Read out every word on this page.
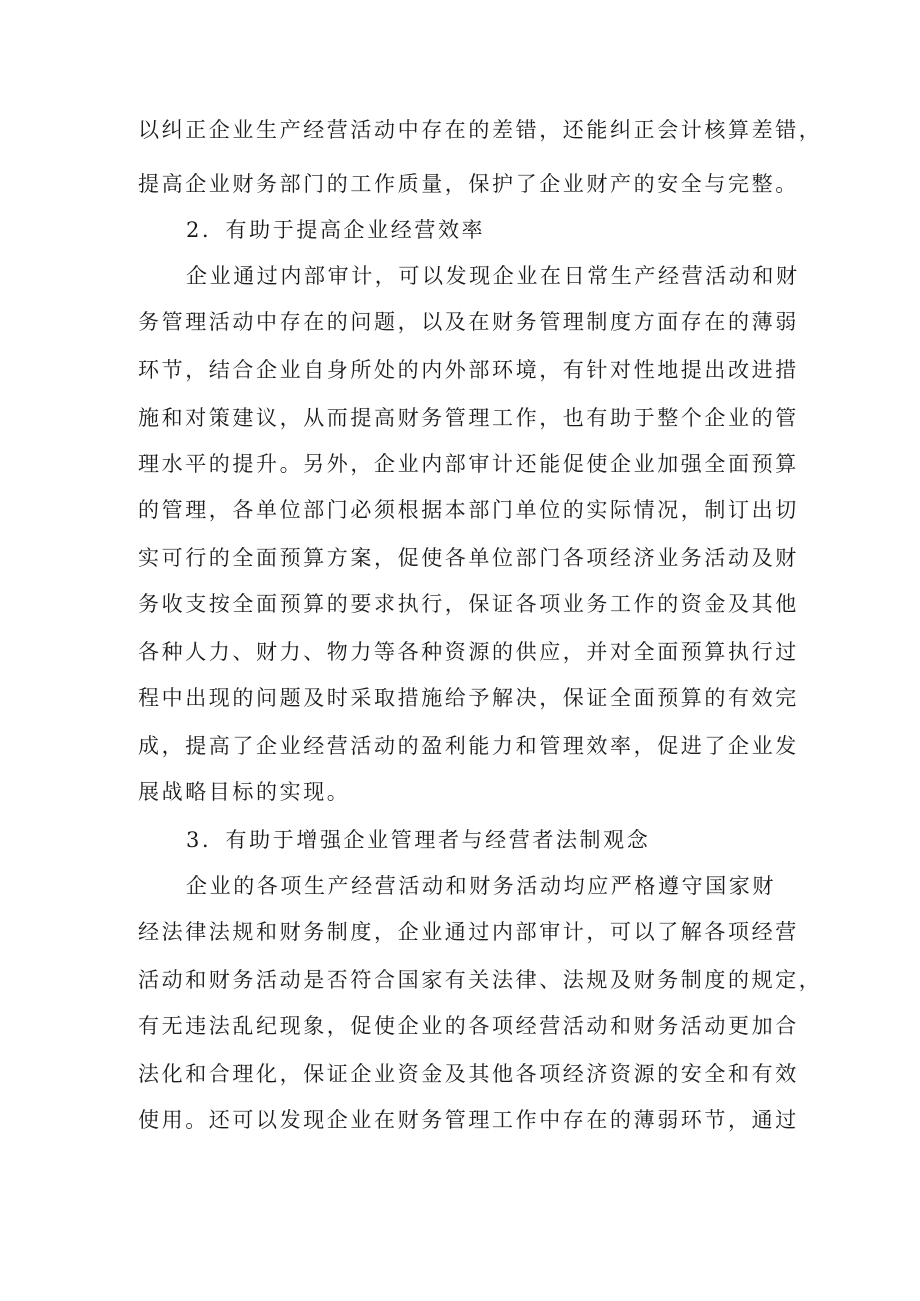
以纠正企业生产经营活动中存在的差错，还能纠正会计核算差错，
提高企业财务部门的工作质量，保护了企业财产的安全与完整。
2．有助于提高企业经营效率
企业通过内部审计，可以发现企业在日常生产经营活动和财
务管理活动中存在的问题，以及在财务管理制度方面存在的薄弱
环节，结合企业自身所处的内外部环境，有针对性地提出改进措
施和对策建议，从而提高财务管理工作，也有助于整个企业的管
理水平的提升。另外，企业内部审计还能促使企业加强全面预算
的管理，各单位部门必须根据本部门单位的实际情况，制订出切
实可行的全面预算方案，促使各单位部门各项经济业务活动及财
务收支按全面预算的要求执行，保证各项业务工作的资金及其他
各种人力、财力、物力等各种资源的供应，并对全面预算执行过
程中出现的问题及时采取措施给予解决，保证全面预算的有效完
成，提高了企业经营活动的盈利能力和管理效率，促进了企业发
展战略目标的实现。
3．有助于增强企业管理者与经营者法制观念
企业的各项生产经营活动和财务活动均应严格遵守国家财
经法律法规和财务制度，企业通过内部审计，可以了解各项经营
活动和财务活动是否符合国家有关法律、法规及财务制度的规定，
有无违法乱纪现象，促使企业的各项经营活动和财务活动更加合
法化和合理化，保证企业资金及其他各项经济资源的安全和有效
使用。还可以发现企业在财务管理工作中存在的薄弱环节，通过
